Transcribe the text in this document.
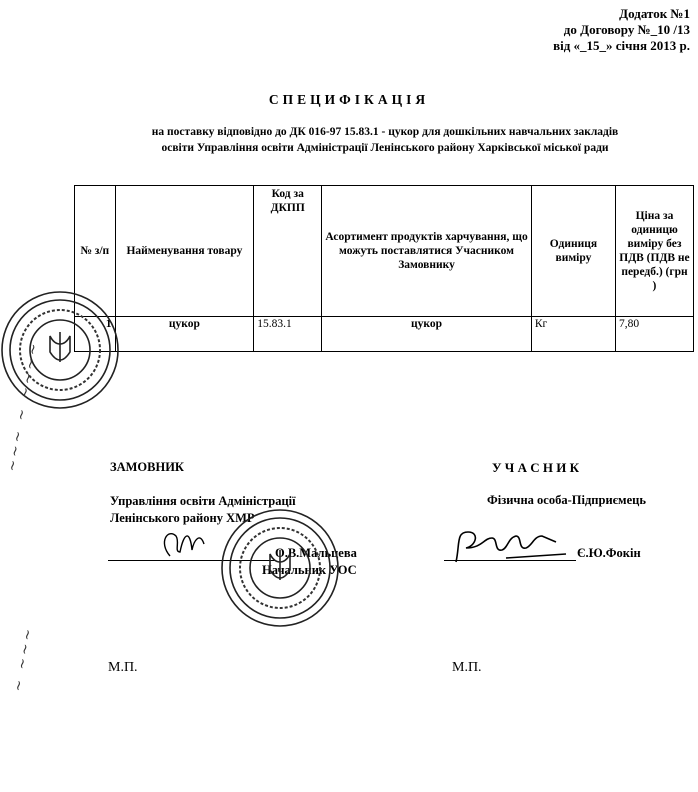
Додаток №1
до Договору №_10 /13
від «_15_» січня 2013 р.
СПЕЦИФІКАЦІЯ
на поставку відповідно до ДК 016-97 15.83.1 - цукор для дошкільних навчальних закладів
освіти Управління освіти Адміністрації Ленінського району Харківської міської ради
№ з/п	Найменування товару	Код за ДКПП	Асортимент продуктів харчування, що можуть поставлятися Учасником Замовнику	Одиниця виміру	Ціна за одиницю виміру без ПДВ (ПДВ не передб.) (грн )
1	цукор	15.83.1	цукор	Кг	7,80
~~~ ~ ~~~~
~ ~~~
ЗАМОВНИК
Управління освіти Адміністрації
Ленінського району ХМР
О.В.Мальцева
Начальник УОС
М.П.
У Ч А С Н И К
Фізична особа-Підприємець
Є.Ю.Фокін
М.П.
